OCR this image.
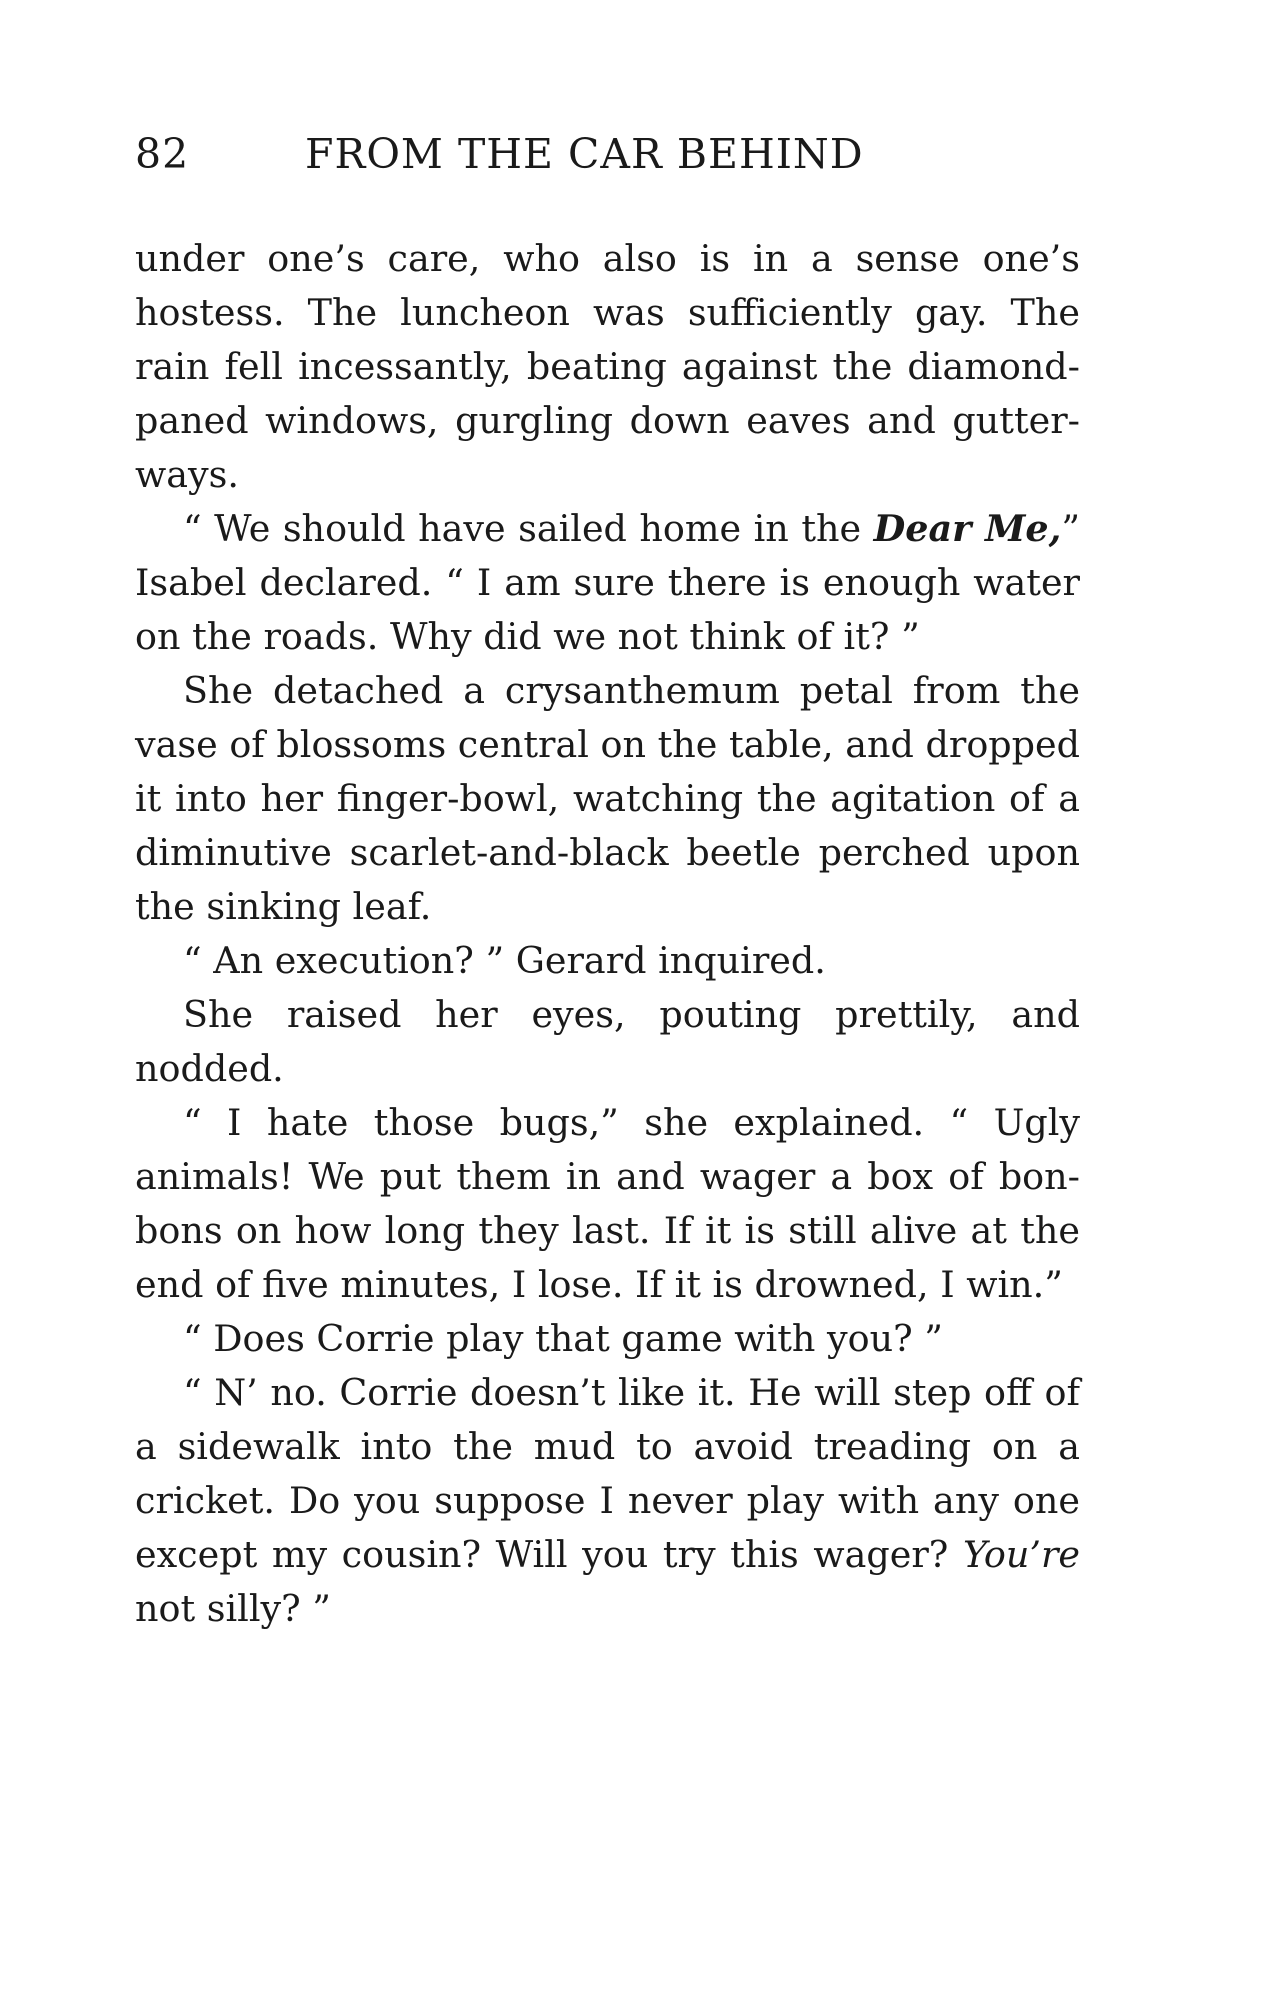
82	FROM THE CAR BEHIND

under one’s care, who also is in a sense one’s hostess. The luncheon was sufficiently gay. The rain fell incessantly, beating against the diamond-paned windows, gurgling down eaves and gutter-ways.

“ We should have sailed home in the Dear Me,” Isabel declared. “ I am sure there is enough water on the roads. Why did we not think of it? ”

She detached a crysanthemum petal from the vase of blossoms central on the table, and dropped it into her finger-bowl, watching the agitation of a diminutive scarlet-and-black beetle perched upon the sinking leaf.

“ An execution? ” Gerard inquired.

She raised her eyes, pouting prettily, and nodded.

“ I hate those bugs,” she explained. “ Ugly animals! We put them in and wager a box of bon-bons on how long they last. If it is still alive at the end of five minutes, I lose. If it is drowned, I win.”

“ Does Corrie play that game with you? ”

“ N’ no. Corrie doesn’t like it. He will step off of a sidewalk into the mud to avoid treading on a cricket. Do you suppose I never play with any one except my cousin? Will you try this wager? You’re not silly? ”
